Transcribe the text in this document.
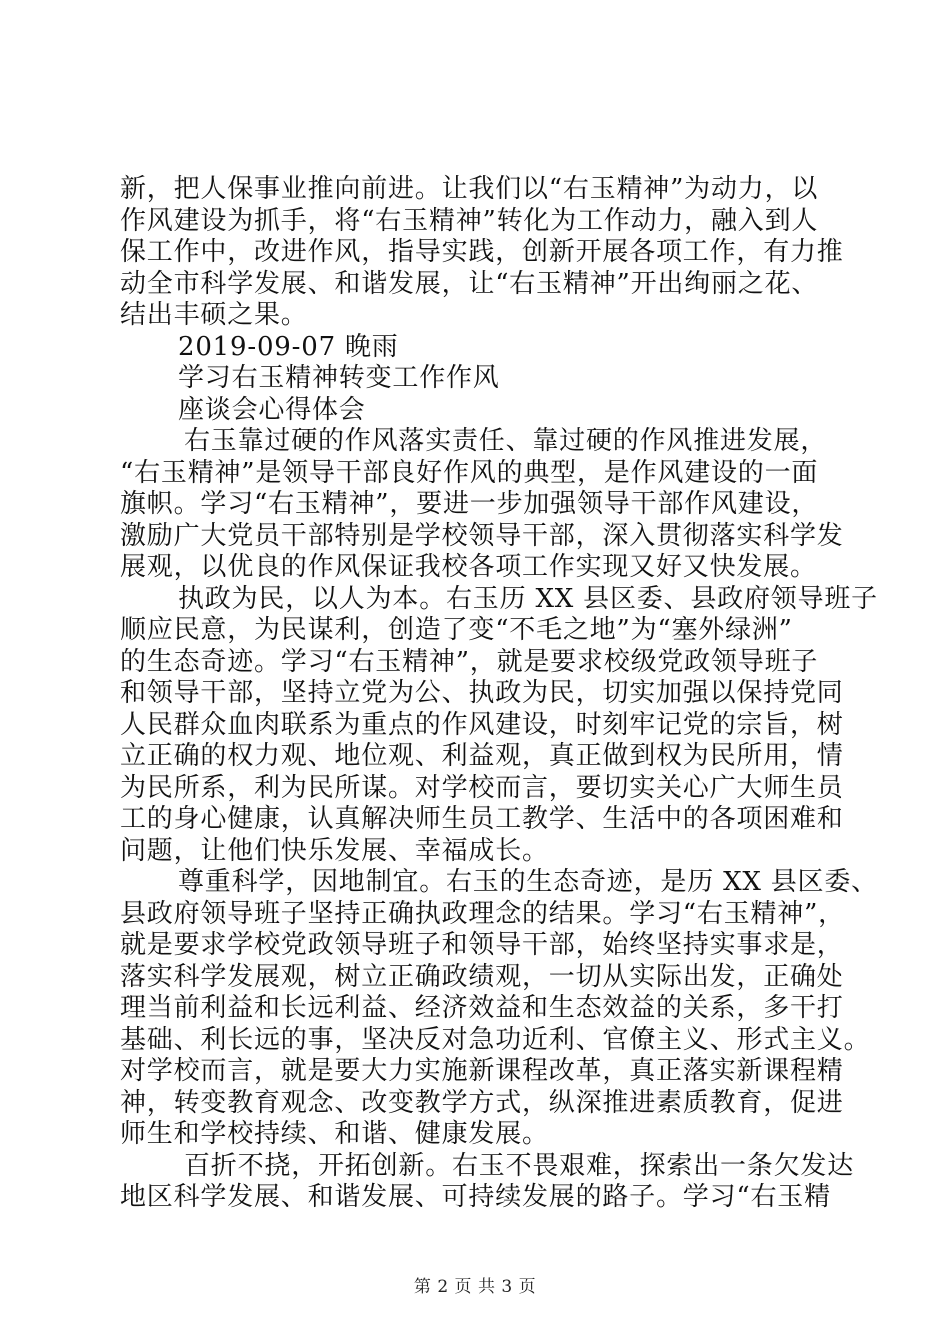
新，把人保事业推向前进。让我们以“右玉精神”为动力，以
作风建设为抓手，将“右玉精神”转化为工作动力，融入到人
保工作中，改进作风，指导实践，创新开展各项工作，有力推
动全市科学发展、和谐发展，让“右玉精神”开出绚丽之花、
结出丰硕之果。
2019-09-07 晚雨
学习右玉精神转变工作作风
座谈会心得体会
右玉靠过硬的作风落实责任、靠过硬的作风推进发展，
“右玉精神”是领导干部良好作风的典型，是作风建设的一面
旗帜。学习“右玉精神”，要进一步加强领导干部作风建设，
激励广大党员干部特别是学校领导干部，深入贯彻落实科学发
展观，以优良的作风保证我校各项工作实现又好又快发展。
执政为民，以人为本。右玉历 XX 县区委、县政府领导班子
顺应民意，为民谋利，创造了变“不毛之地”为“塞外绿洲”
的生态奇迹。学习“右玉精神”，就是要求校级党政领导班子
和领导干部，坚持立党为公、执政为民，切实加强以保持党同
人民群众血肉联系为重点的作风建设，时刻牢记党的宗旨，树
立正确的权力观、地位观、利益观，真正做到权为民所用，情
为民所系，利为民所谋。对学校而言，要切实关心广大师生员
工的身心健康，认真解决师生员工教学、生活中的各项困难和
问题，让他们快乐发展、幸福成长。
尊重科学，因地制宜。右玉的生态奇迹，是历 XX 县区委、
县政府领导班子坚持正确执政理念的结果。学习“右玉精神”，
就是要求学校党政领导班子和领导干部，始终坚持实事求是，
落实科学发展观，树立正确政绩观，一切从实际出发，正确处
理当前利益和长远利益、经济效益和生态效益的关系，多干打
基础、利长远的事，坚决反对急功近利、官僚主义、形式主义。
对学校而言，就是要大力实施新课程改革，真正落实新课程精
神，转变教育观念、改变教学方式，纵深推进素质教育，促进
师生和学校持续、和谐、健康发展。
百折不挠，开拓创新。右玉不畏艰难，探索出一条欠发达
地区科学发展、和谐发展、可持续发展的路子。学习“右玉精
第 2 页 共 3 页
